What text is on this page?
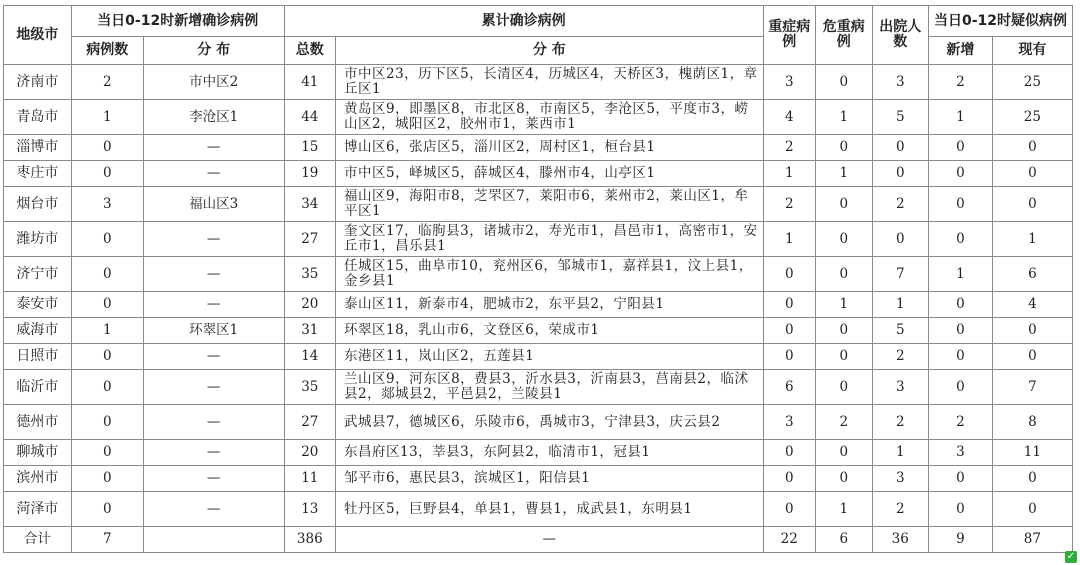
地级市	当日0-12时新增确诊病例		累计确诊病例		重症病例	危重病例	出院人数	当日0-12时疑似病例	
	病例数	分 布	总数	分 布				新增	现有
济南市	2	市中区2	41	市中区23，历下区5，长清区4，历城区4，天桥区3，槐荫区1，章丘区1	3	0	3	2	25
青岛市	1	李沧区1	44	黄岛区9，即墨区8，市北区8，市南区5，李沧区5，平度市3，崂山区2，城阳区2，胶州市1，莱西市1	4	1	5	1	25
淄博市	0	—	15	博山区6，张店区5，淄川区2，周村区1，桓台县1	2	0	0	0	0
枣庄市	0	—	19	市中区5，峄城区5，薛城区4，滕州市4，山亭区1	1	1	0	0	0
烟台市	3	福山区3	34	福山区9，海阳市8，芝罘区7，莱阳市6，莱州市2，莱山区1，牟平区1	2	0	2	0	0
潍坊市	0	—	27	奎文区17，临朐县3，诸城市2，寿光市1，昌邑市1，高密市1，安丘市1，昌乐县1	1	0	0	0	1
济宁市	0	—	35	任城区15，曲阜市10，兖州区6，邹城市1，嘉祥县1，汶上县1，金乡县1	0	0	7	1	6
泰安市	0	—	20	泰山区11，新泰市4，肥城市2，东平县2，宁阳县1	0	1	1	0	4
威海市	1	环翠区1	31	环翠区18，乳山市6，文登区6，荣成市1	0	0	5	0	0
日照市	0	—	14	东港区11，岚山区2，五莲县1	0	0	2	0	0
临沂市	0	—	35	兰山区9，河东区8，费县3，沂水县3，沂南县3，莒南县2，临沭县2，郯城县2，平邑县2，兰陵县1	6	0	3	0	7
德州市	0	—	27	武城县7，德城区6，乐陵市6，禹城市3，宁津县3，庆云县2	3	2	2	2	8
聊城市	0	—	20	东昌府区13，莘县3，东阿县2，临清市1，冠县1	0	0	1	3	11
滨州市	0	—	11	邹平市6，惠民县3，滨城区1，阳信县1	0	0	3	0	0
菏泽市	0	—	13	牡丹区5，巨野县4，单县1，曹县1，成武县1，东明县1	0	1	2	0	0
合计	7		386	—	22	6	36	9	87
✓
